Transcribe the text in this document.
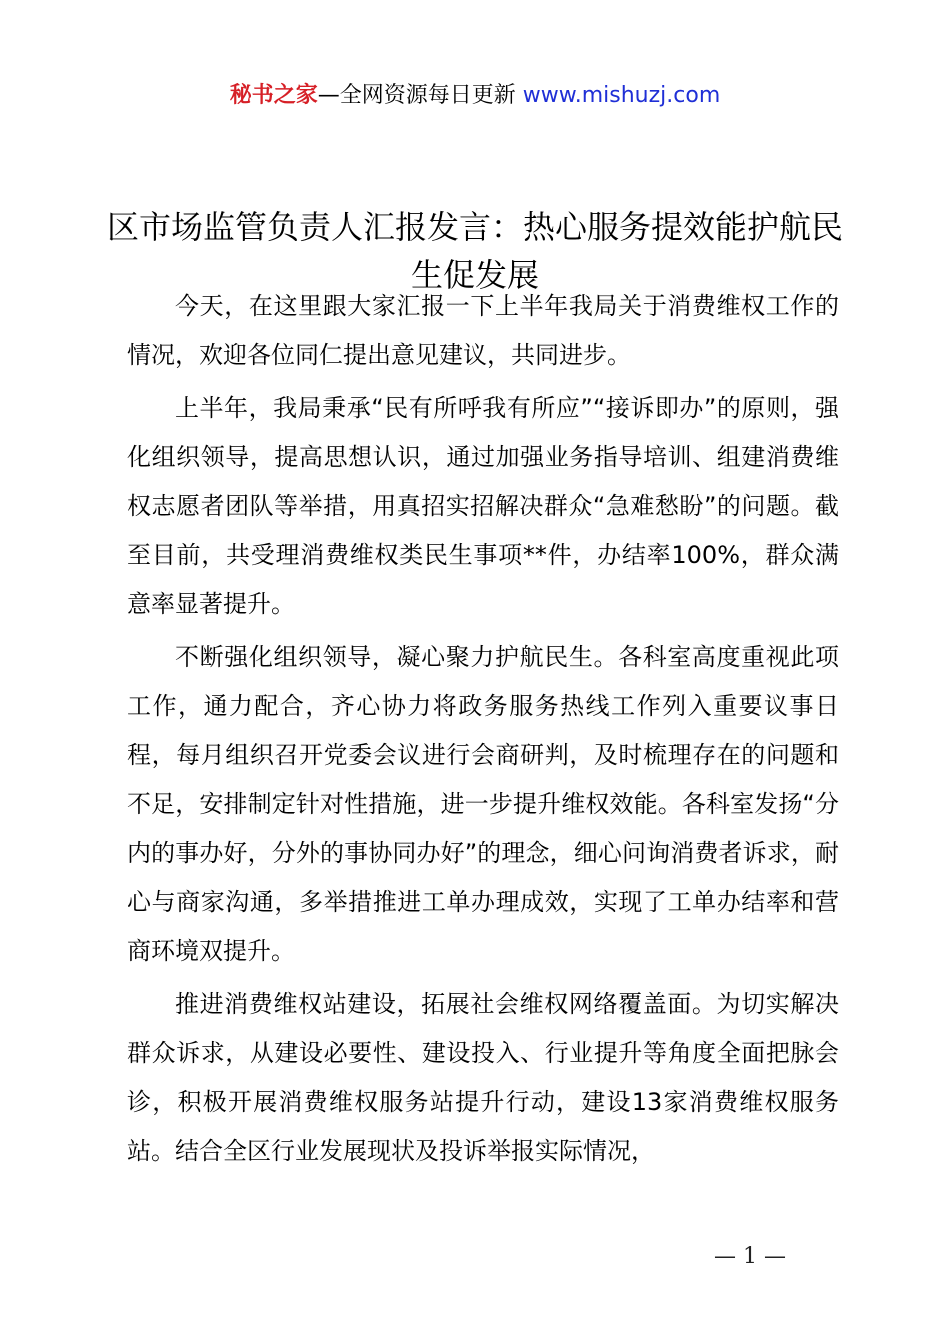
秘书之家—全网资源每日更新 www.mishuzj.com
区市场监管负责人汇报发言：热心服务提效能护航民生促发展

今天，在这里跟大家汇报一下上半年我局关于消费维权工作的情况，欢迎各位同仁提出意见建议，共同进步。

上半年，我局秉承“民有所呼我有所应”“接诉即办”的原则，强化组织领导，提高思想认识，通过加强业务指导培训、组建消费维权志愿者团队等举措，用真招实招解决群众“急难愁盼”的问题。截至目前，共受理消费维权类民生事项**件，办结率100%，群众满意率显著提升。

不断强化组织领导，凝心聚力护航民生。各科室高度重视此项工作，通力配合，齐心协力将政务服务热线工作列入重要议事日程，每月组织召开党委会议进行会商研判，及时梳理存在的问题和不足，安排制定针对性措施，进一步提升维权效能。各科室发扬“分内的事办好，分外的事协同办好”的理念，细心问询消费者诉求，耐心与商家沟通，多举措推进工单办理成效，实现了工单办结率和营商环境双提升。

推进消费维权站建设，拓展社会维权网络覆盖面。为切实解决群众诉求，从建设必要性、建设投入、行业提升等角度全面把脉会诊，积极开展消费维权服务站提升行动，建设13家消费维权服务站。结合全区行业发展现状及投诉举报实际情况，

— 1 —
